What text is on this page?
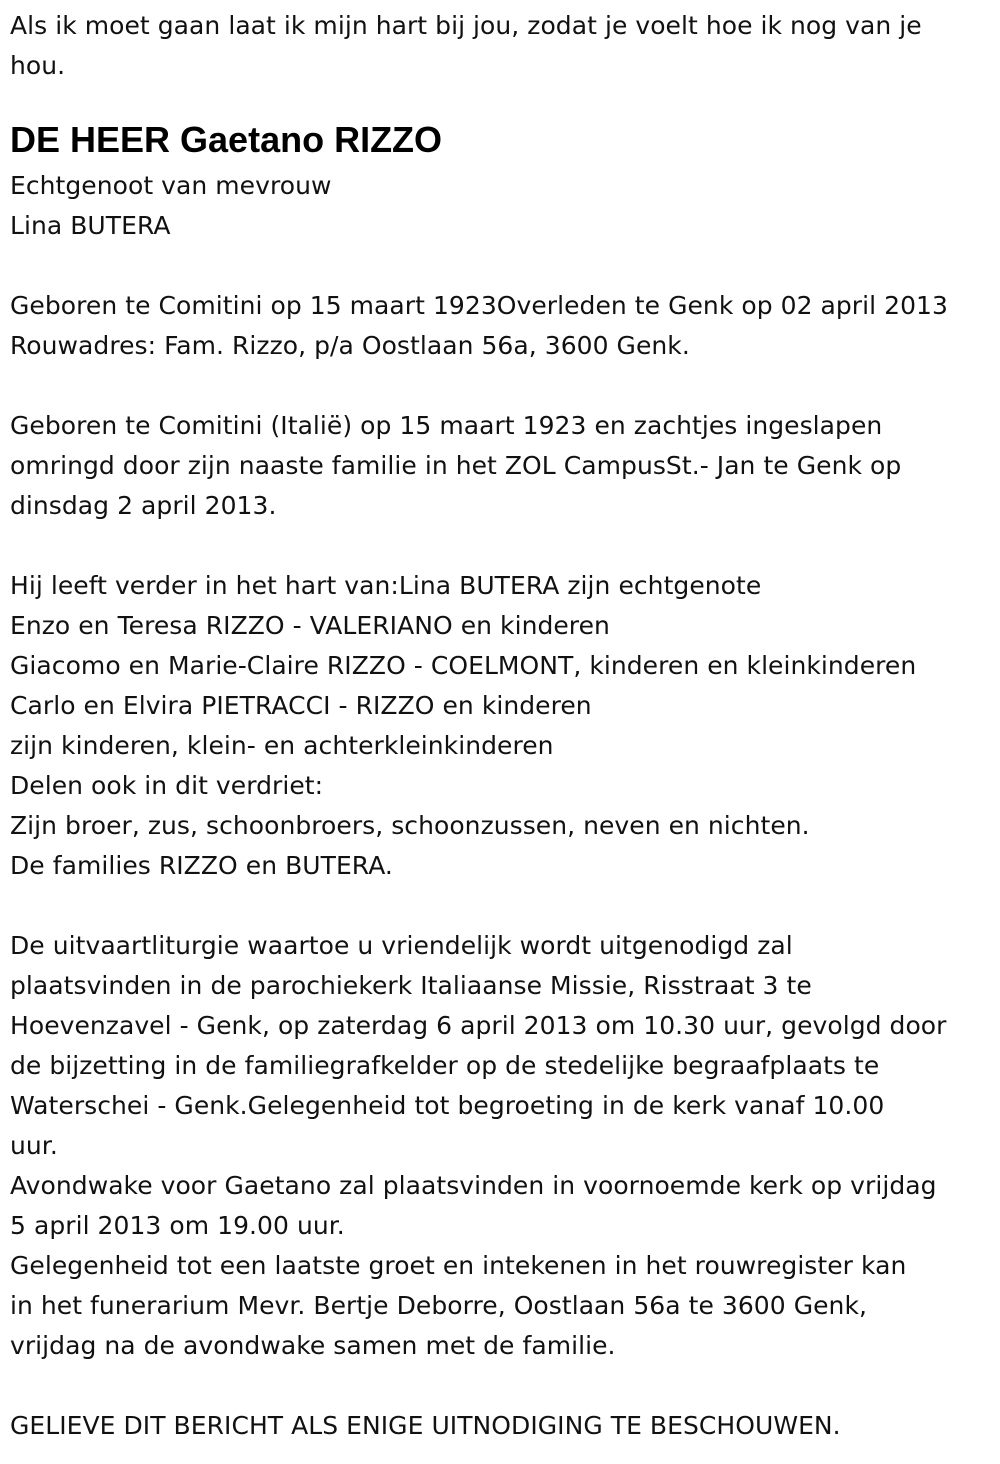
Als ik moet gaan laat ik mijn hart bij jou, zodat je voelt hoe ik nog van je
hou.
DE HEER Gaetano RIZZO
Echtgenoot van mevrouw
Lina BUTERA
Geboren te Comitini op 15 maart 1923Overleden te Genk op 02 april 2013
Rouwadres: Fam. Rizzo, p/a Oostlaan 56a, 3600 Genk.
Geboren te Comitini (Italië) op 15 maart 1923 en zachtjes ingeslapen
omringd door zijn naaste familie in het ZOL CampusSt.- Jan te Genk op
dinsdag 2 april 2013.
Hij leeft verder in het hart van:Lina BUTERA zijn echtgenote
Enzo en Teresa RIZZO - VALERIANO en kinderen
Giacomo en Marie-Claire RIZZO - COELMONT, kinderen en kleinkinderen
Carlo en Elvira PIETRACCI - RIZZO en kinderen
zijn kinderen, klein- en achterkleinkinderen
Delen ook in dit verdriet:
Zijn broer, zus, schoonbroers, schoonzussen, neven en nichten.
De families RIZZO en BUTERA.
De uitvaartliturgie waartoe u vriendelijk wordt uitgenodigd zal
plaatsvinden in de parochiekerk Italiaanse Missie, Risstraat 3 te
Hoevenzavel - Genk, op zaterdag 6 april 2013 om 10.30 uur, gevolgd door
de bijzetting in de familiegrafkelder op de stedelijke begraafplaats te
Waterschei - Genk.Gelegenheid tot begroeting in de kerk vanaf 10.00
uur.
Avondwake voor Gaetano zal plaatsvinden in voornoemde kerk op vrijdag
5 april 2013 om 19.00 uur.
Gelegenheid tot een laatste groet en intekenen in het rouwregister kan
in het funerarium Mevr. Bertje Deborre, Oostlaan 56a te 3600 Genk,
vrijdag na de avondwake samen met de familie.
GELIEVE DIT BERICHT ALS ENIGE UITNODIGING TE BESCHOUWEN.
